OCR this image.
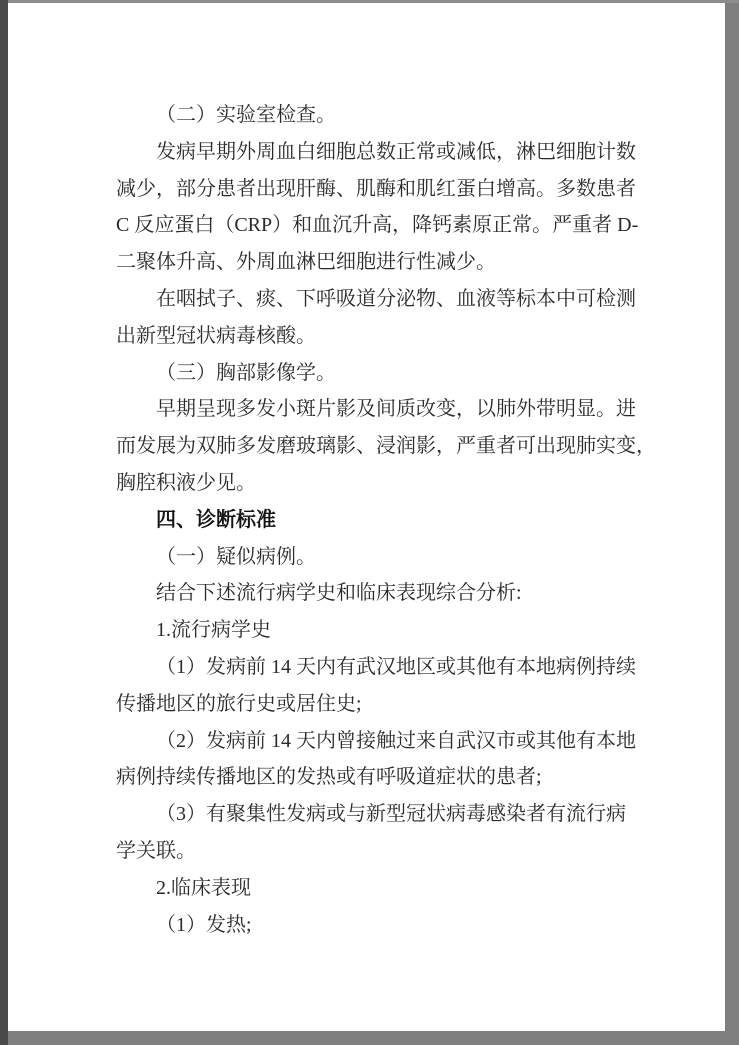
（二）实验室检查。
发病早期外周血白细胞总数正常或减低，淋巴细胞计数
减少，部分患者出现肝酶、肌酶和肌红蛋白增高。多数患者
C 反应蛋白（CRP）和血沉升高，降钙素原正常。严重者 D-
二聚体升高、外周血淋巴细胞进行性减少。
在咽拭子、痰、下呼吸道分泌物、血液等标本中可检测
出新型冠状病毒核酸。
（三）胸部影像学。
早期呈现多发小斑片影及间质改变，以肺外带明显。进
而发展为双肺多发磨玻璃影、浸润影，严重者可出现肺实变，
胸腔积液少见。
四、诊断标准
（一）疑似病例。
结合下述流行病学史和临床表现综合分析:
1.流行病学史
（1）发病前 14 天内有武汉地区或其他有本地病例持续
传播地区的旅行史或居住史;
（2）发病前 14 天内曾接触过来自武汉市或其他有本地
病例持续传播地区的发热或有呼吸道症状的患者;
（3）有聚集性发病或与新型冠状病毒感染者有流行病
学关联。
2.临床表现
（1）发热;
